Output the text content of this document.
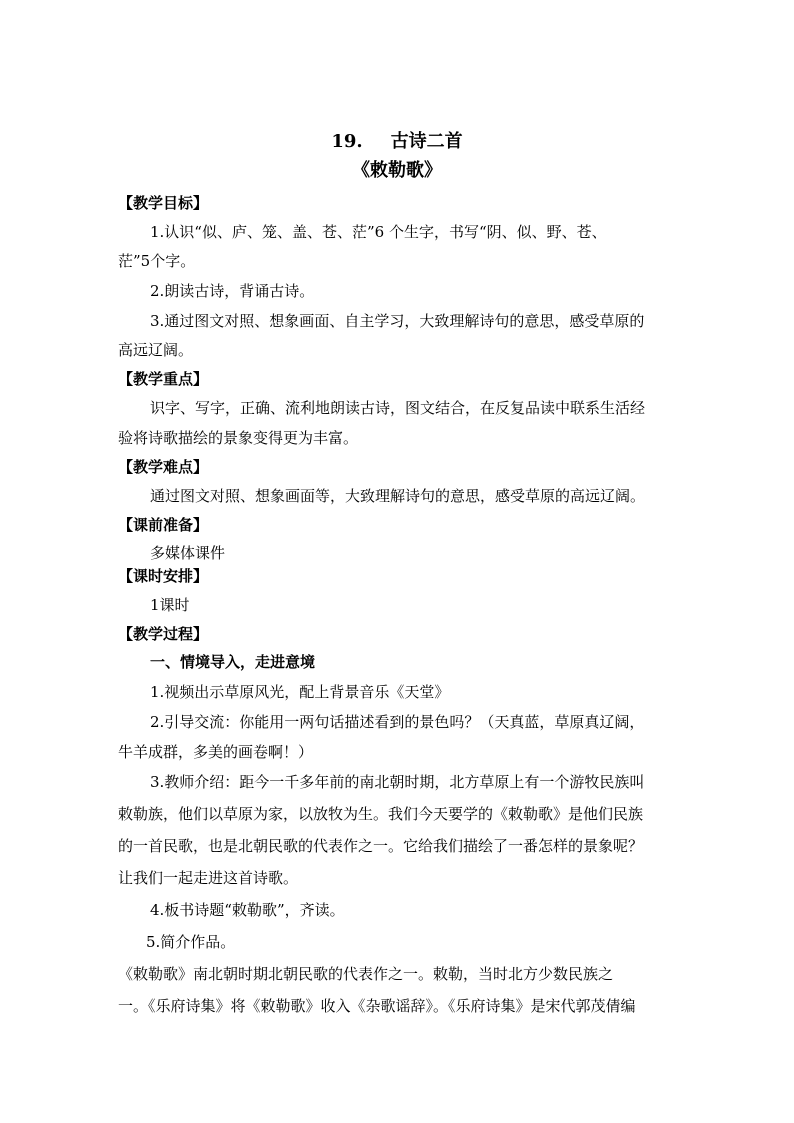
19. 古诗二首
《敕勒歌》
【教学目标】
1.认识“似、庐、笼、盖、苍、茫”6 个生字，书写“阴、似、野、苍、
茫”5个字。
2.朗读古诗，背诵古诗。
3.通过图文对照、想象画面、自主学习，大致理解诗句的意思，感受草原的
高远辽阔。
【教学重点】
识字、写字，正确、流利地朗读古诗，图文结合，在反复品读中联系生活经
验将诗歌描绘的景象变得更为丰富。
【教学难点】
通过图文对照、想象画面等，大致理解诗句的意思，感受草原的高远辽阔。
【课前准备】
多媒体课件
【课时安排】
1课时
【教学过程】
一、情境导入，走进意境
1.视频出示草原风光，配上背景音乐《天堂》
2.引导交流：你能用一两句话描述看到的景色吗？（天真蓝，草原真辽阔，
牛羊成群，多美的画卷啊！）
3.教师介绍：距今一千多年前的南北朝时期，北方草原上有一个游牧民族叫
敕勒族，他们以草原为家，以放牧为生。我们今天要学的《敕勒歌》是他们民族
的一首民歌，也是北朝民歌的代表作之一。它给我们描绘了一番怎样的景象呢？
让我们一起走进这首诗歌。
4.板书诗题“敕勒歌”，齐读。
5.简介作品。
《敕勒歌》南北朝时期北朝民歌的代表作之一。敕勒，当时北方少数民族之
一。《乐府诗集》将《敕勒歌》收入《杂歌谣辞》。《乐府诗集》是宋代郭茂倩编
